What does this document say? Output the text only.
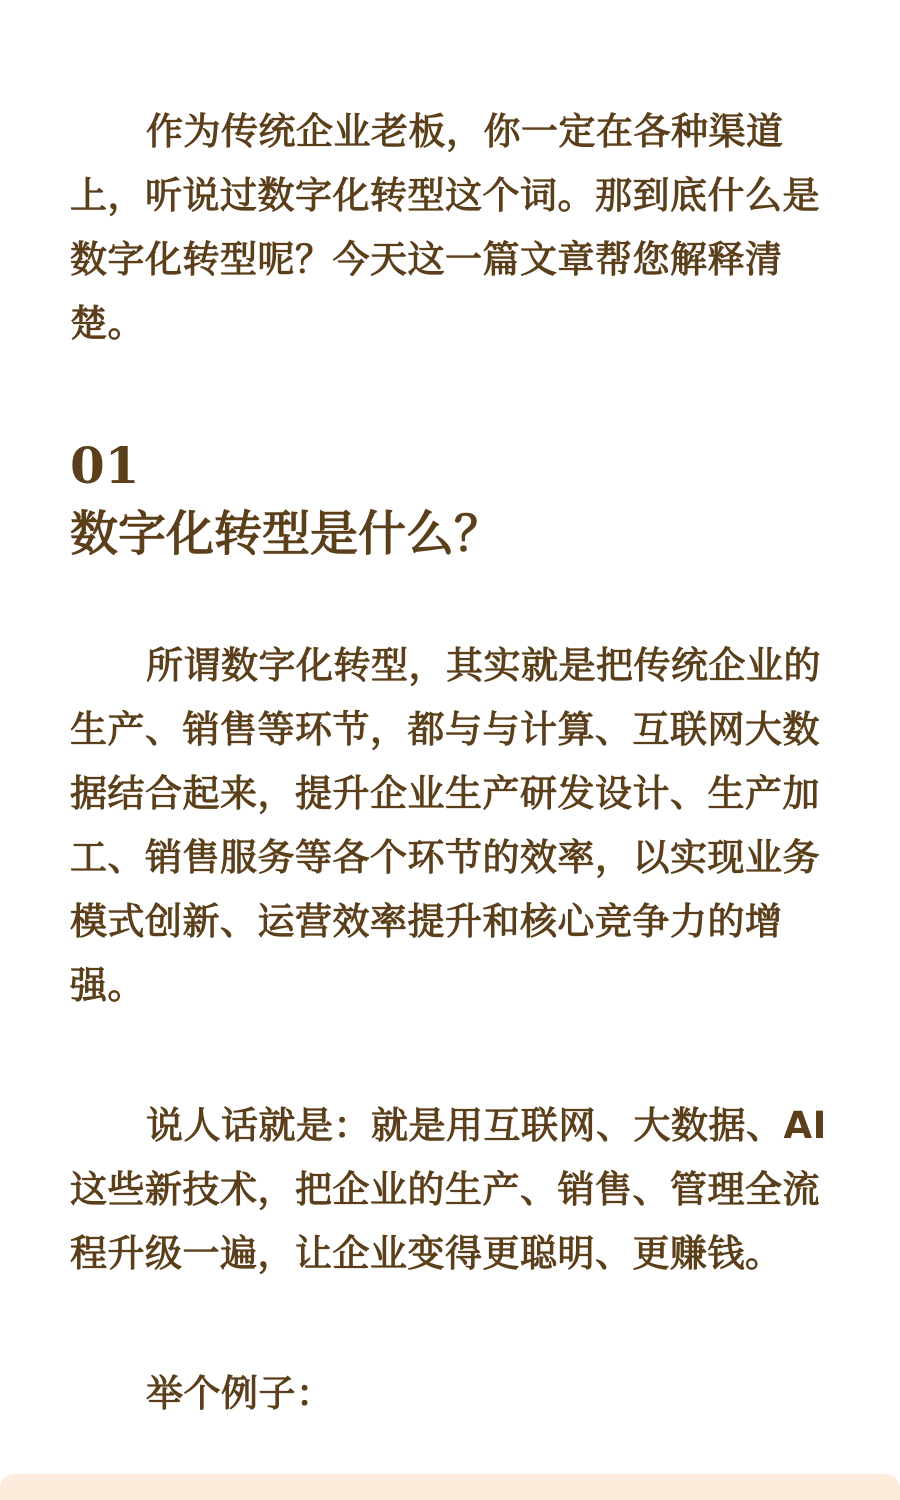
作为传统企业老板，你一定在各种渠道上，听说过数字化转型这个词。那到底什么是数字化转型呢？今天这一篇文章帮您解释清楚。

01
数字化转型是什么？

所谓数字化转型，其实就是把传统企业的生产、销售等环节，都与与计算、互联网大数据结合起来，提升企业生产研发设计、生产加工、销售服务等各个环节的效率，以实现业务模式创新、运营效率提升和核心竞争力的增强。

说人话就是：就是用互联网、大数据、AI这些新技术，把企业的生产、销售、管理全流程升级一遍，让企业变得更聪明、更赚钱。

举个例子：
